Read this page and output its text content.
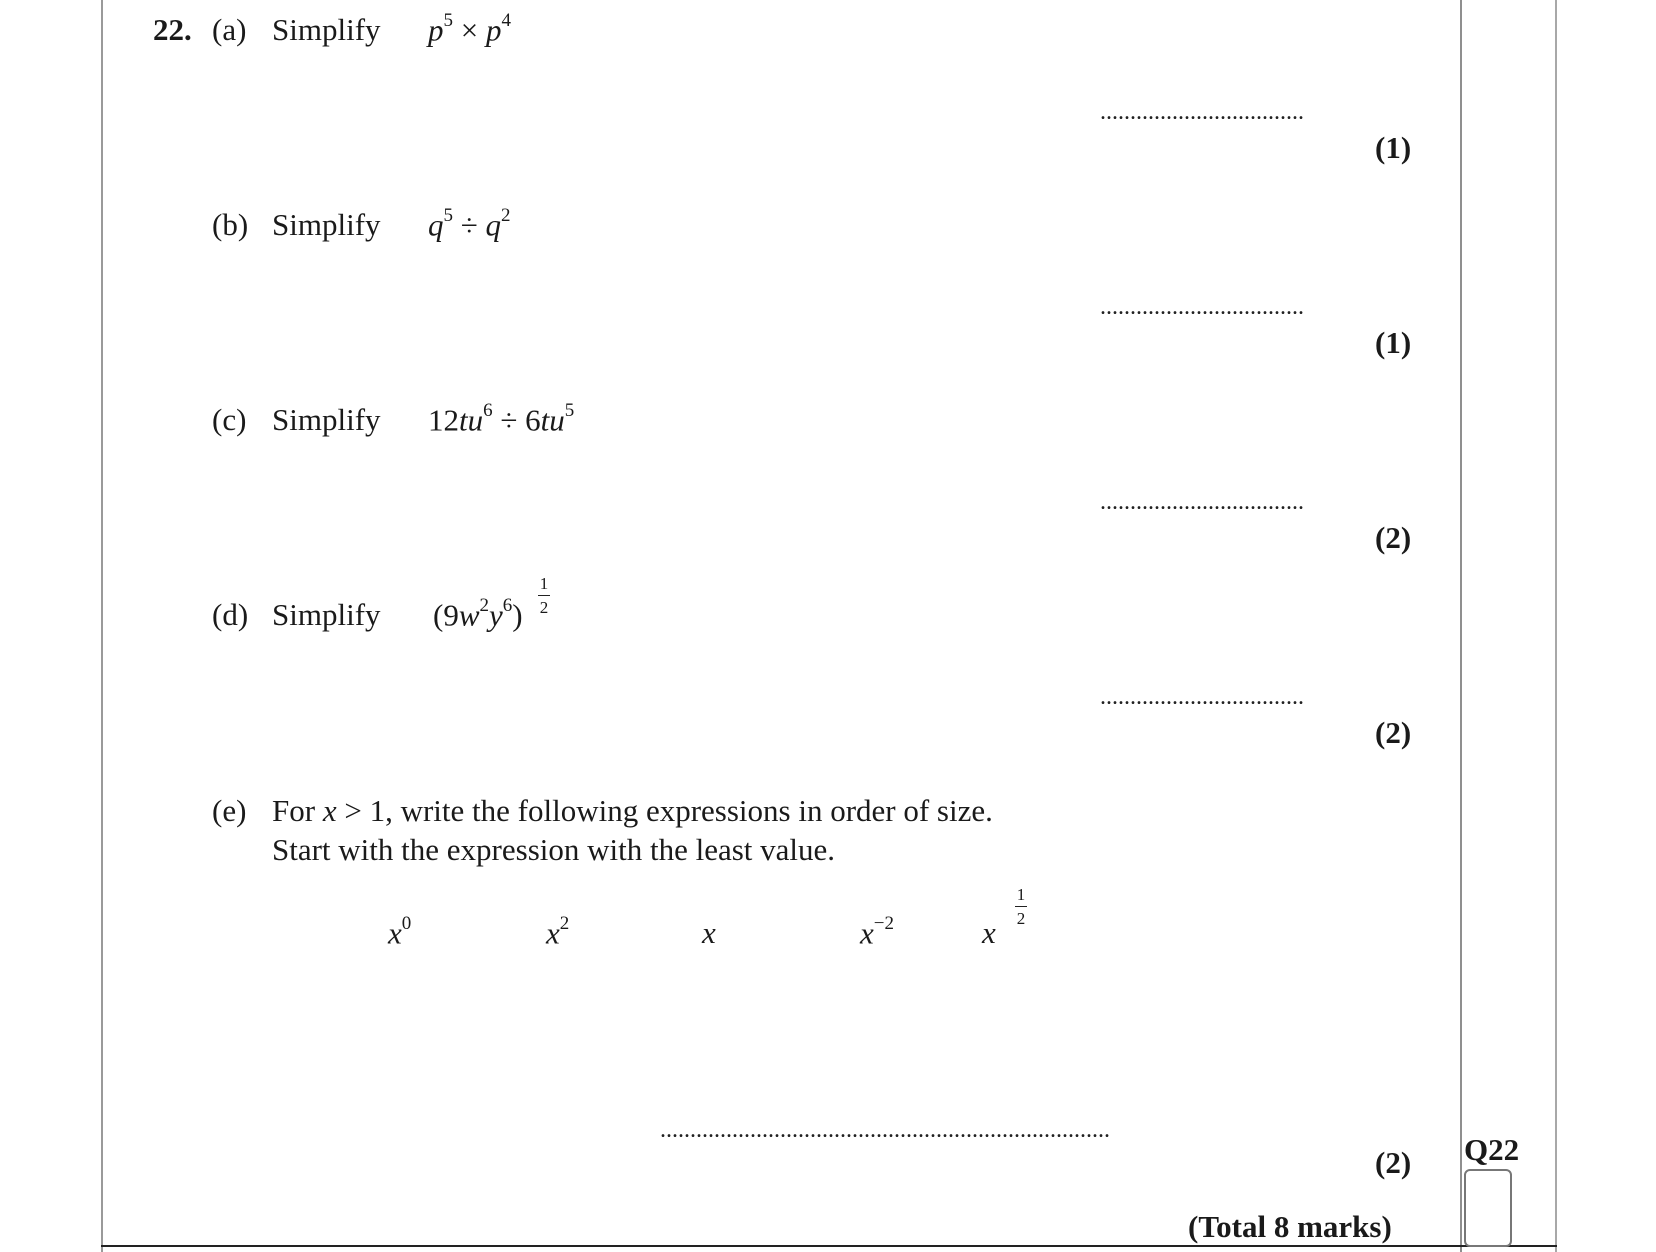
22. (a) Simplify $p^5 \times p^4$
..................................
(1)
(b) Simplify $q^5 \div q^2$
..................................
(1)
(c) Simplify $12tu^6 \div 6tu^5$
..................................
(2)
(d) Simplify $(9w^2y^6) \frac{1}{2}$

..................................
(2)
(e) For x > 1, write the following expressions in order of size.
Start with the expression with the least value.
$x^0$	$x^2$	x	$x^{-2}$	x
$\frac{1}{2}$
...........................................................................
(2)
(Total 8 marks)
Q22
